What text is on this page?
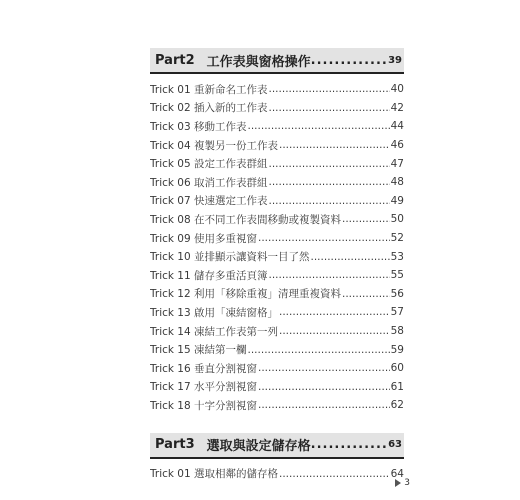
Part2 工作表與窗格操作 .....	39
Trick 01 重新命名工作表 .....	40
Trick 02 插入新的工作表 .....	42
Trick 03 移動工作表 .....	44
Trick 04 複製另一份工作表 .....	46
Trick 05 設定工作表群組 .....	47
Trick 06 取消工作表群組 .....	48
Trick 07 快速選定工作表 .....	49
Trick 08 在不同工作表間移動或複製資料 .....	50
Trick 09 使用多重視窗 .....	52
Trick 10 並排顯示讓資料一目了然 .....	53
Trick 11 儲存多重活頁簿 .....	55
Trick 12 利用「移除重複」清理重複資料 .....	56
Trick 13 啟用「凍結窗格」 .....	57
Trick 14 凍結工作表第一列 .....	58
Trick 15 凍結第一欄 .....	59
Trick 16 垂直分割視窗 .....	60
Trick 17 水平分割視窗 .....	61
Trick 18 十字分割視窗 .....	62
Part3 選取與設定儲存格 .....	63
Trick 01 選取相鄰的儲存格 .....	64
3
